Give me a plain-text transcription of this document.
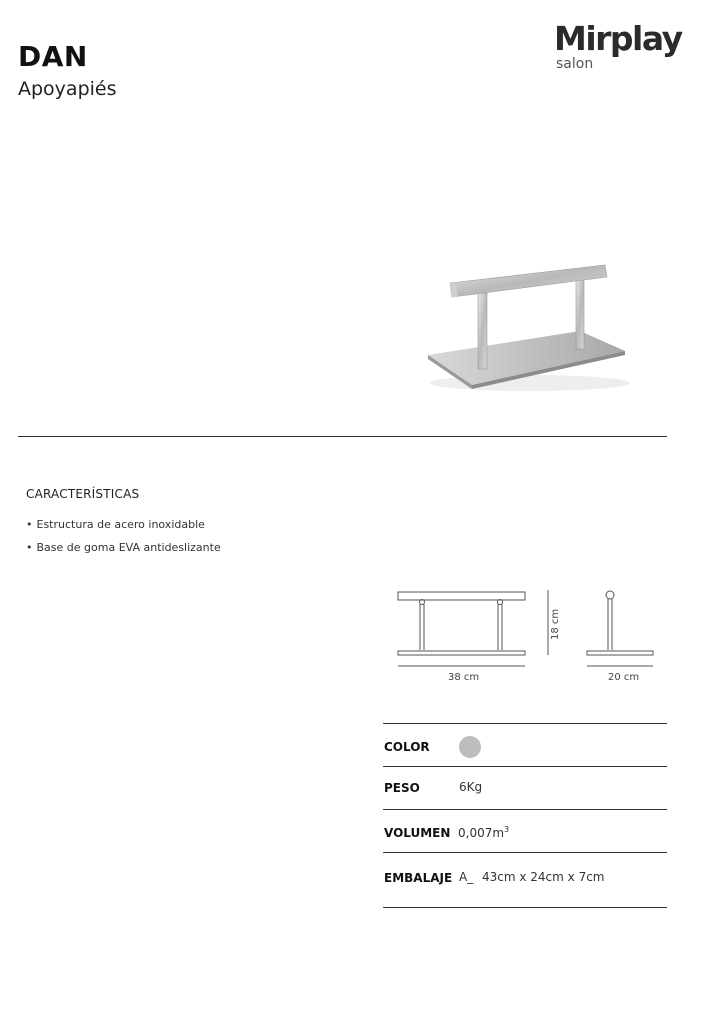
DAN
Apoyapiés
Mirplay
salon
CARACTERÍSTICAS
• Estructura de acero inoxidable
• Base de goma EVA antideslizante
38 cm
18 cm
20 cm
COLOR
PESO	6Kg
VOLUMEN $0,007m^3$
EMBALAJE A_ 43cm x 24cm x 7cm
